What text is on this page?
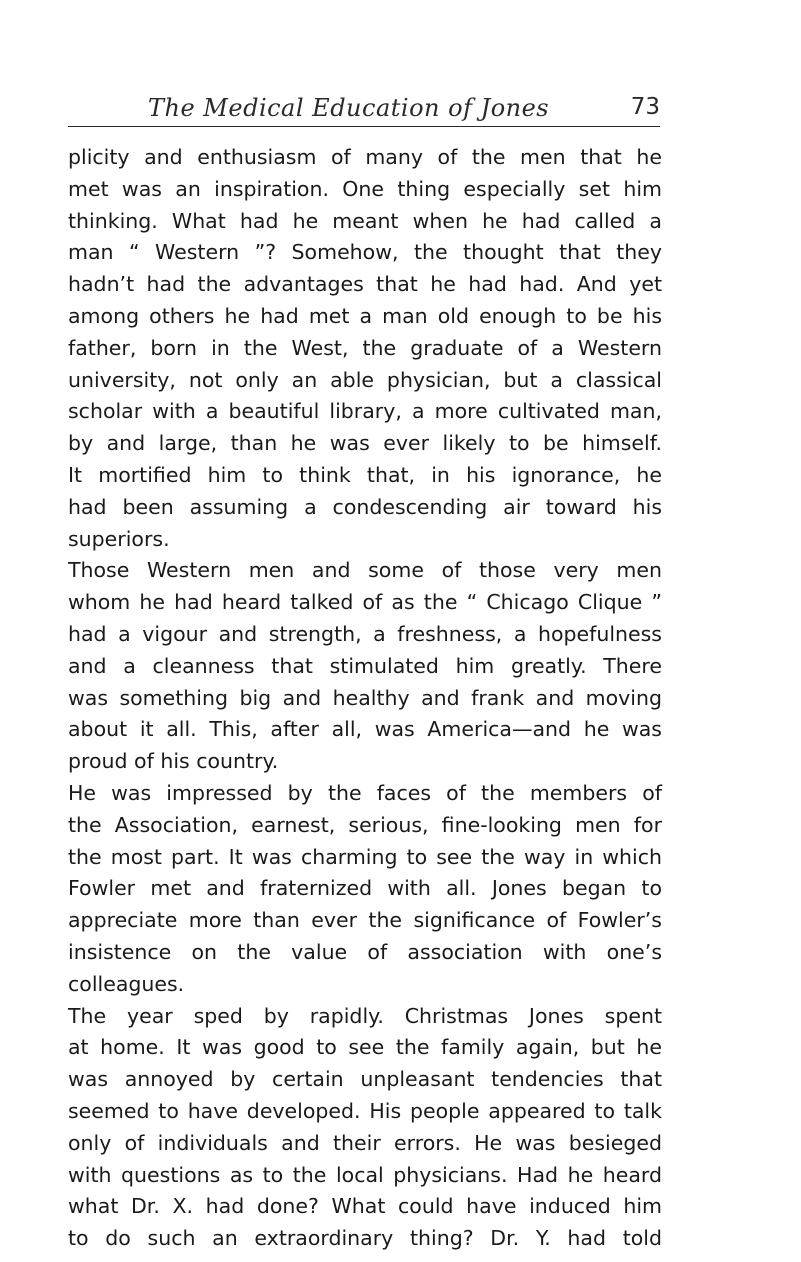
The Medical Education of Jones	73
plicity and enthusiasm of many of the men that he
met was an inspiration. One thing especially set him
thinking. What had he meant when he had called a
man “ Western ”? Somehow, the thought that they
hadn’t had the advantages that he had had. And yet
among others he had met a man old enough to be his
father, born in the West, the graduate of a Western
university, not only an able physician, but a classical
scholar with a beautiful library, a more cultivated man,
by and large, than he was ever likely to be himself.
It mortified him to think that, in his ignorance, he
had been assuming a condescending air toward his
superiors.
Those Western men and some of those very men
whom he had heard talked of as the “ Chicago Clique ”
had a vigour and strength, a freshness, a hopefulness
and a cleanness that stimulated him greatly. There
was something big and healthy and frank and moving
about it all. This, after all, was America—and he was
proud of his country.
He was impressed by the faces of the members of
the Association, earnest, serious, fine-looking men for
the most part. It was charming to see the way in which
Fowler met and fraternized with all. Jones began to
appreciate more than ever the significance of Fowler’s
insistence on the value of association with one’s
colleagues.
The year sped by rapidly. Christmas Jones spent
at home. It was good to see the family again, but he
was annoyed by certain unpleasant tendencies that
seemed to have developed. His people appeared to talk
only of individuals and their errors. He was besieged
with questions as to the local physicians. Had he heard
what Dr. X. had done? What could have induced him
to do such an extraordinary thing? Dr. Y. had told
